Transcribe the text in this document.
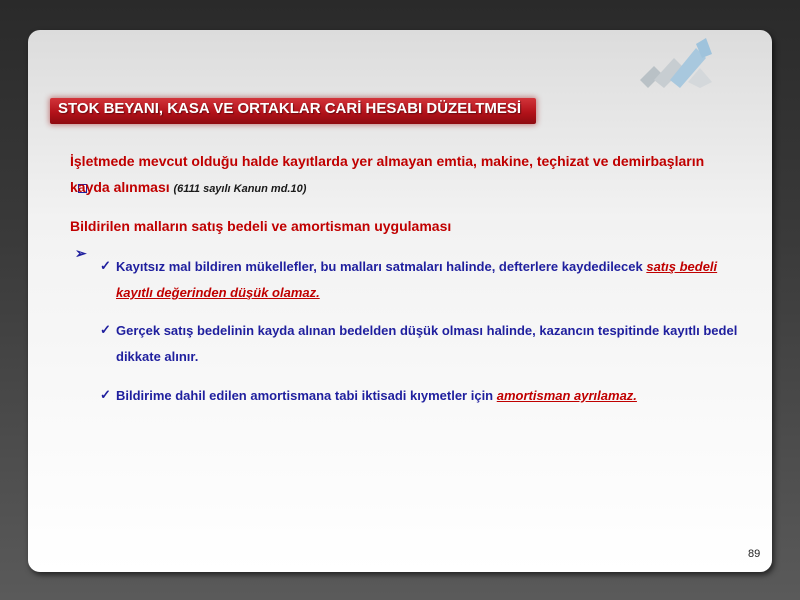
STOK BEYANI, KASA VE ORTAKLAR CARİ HESABI DÜZELTMESİ
İşletmede mevcut olduğu halde kayıtlarda yer almayan emtia, makine, teçhizat ve demirbaşların kayda alınması (6111 sayılı Kanun md.10)
➢
Bildirilen malların satış bedeli ve amortisman uygulaması
✓ Kayıtsız mal bildiren mükellefler, bu malları satmaları halinde, defterlere kaydedilecek satış bedeli kayıtlı değerinden düşük olamaz.
✓ Gerçek satış bedelinin kayda alınan bedelden düşük olması halinde, kazancın tespitinde kayıtlı bedel dikkate alınır.
✓ Bildirime dahil edilen amortismana tabi iktisadi kıymetler için amortisman ayrılamaz.
89
